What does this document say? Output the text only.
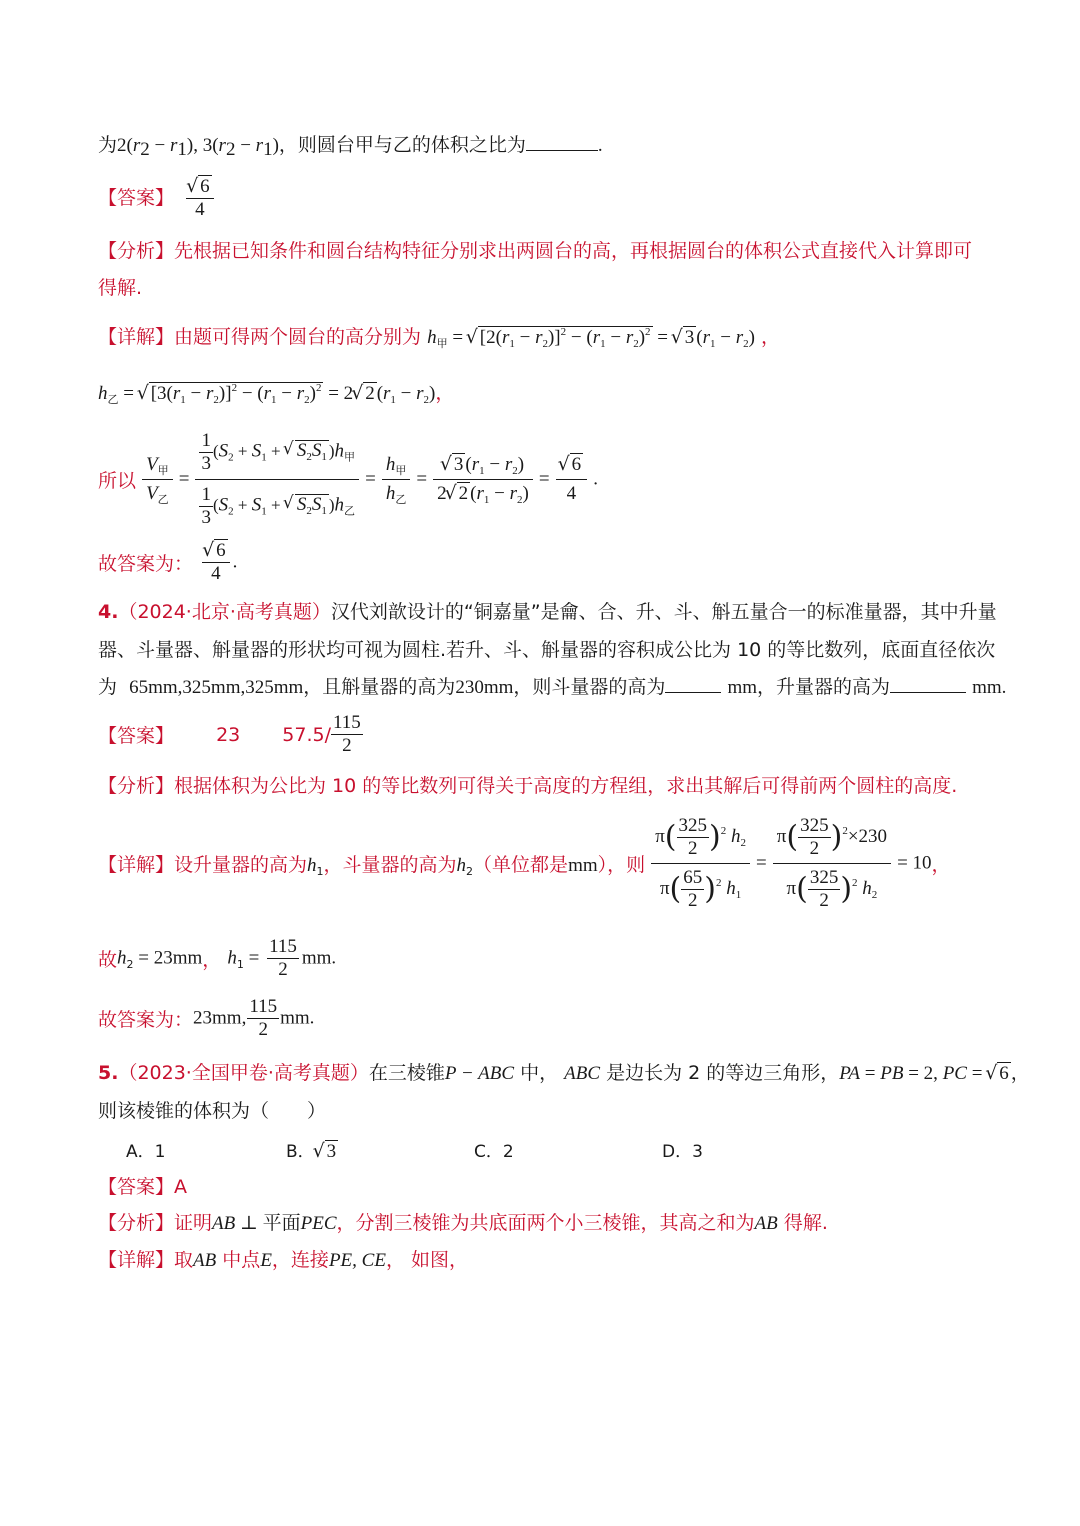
为$2(r_2 - r_1)$, $3(r_2 - r_1)$，则圆台甲与乙的体积之比为	.
【答案】
√ $\frac{6}{4}$
【分析】先根据已知条件和圆台结构特征分别求出两圆台的高，再根据圆台的体积公式直接代入计算即可
得解.
【详解】由题可得两个圆台的高分别为 $h_甲$ = √ $[2(r_1 - r_2)]^2 - (r_1 - r_2)^2$ = √ 3 $(r_1 - r_2)$ ，
$h_乙$ = √ $[3(r_1 - r_2)]^2 - (r_1 - r_2)^2 = 2√$ 2 $(r_1 - r_2)$，
所以 $\frac{V_甲}{V_乙} = \frac{\frac{1}{3} (S_2 + S_1 + √ S_2S_1 )h_甲}{\frac{1}{3} (S_2 + S_1 + √ S_2S_1 )h_乙} = \frac{h_甲}{h_乙}$ =
√ $\frac{3 (r_1 - r_2)}{2√ 2 (r_1 - r_2)}$ =
√ $\frac{6}{4}$ .
故答案为：
√ $\frac{6}{4}$ .
4.（2024·北京·高考真题）汉代刘歆设计的“铜嘉量”是龠、合、升、斗、斛五量合一的标准量器，其中升量
器、斗量器、斛量器的形状均可视为圆柱.若升、斗、斛量器的容积成公比为 10 的等比数列，底面直径依次
为 65mm,325mm,325mm，且斛量器的高为230mm，则斗量器的高为	mm，升量器的高为	mm.
【答案】 23 $57.5/ \frac{115}{2}$
【分析】根据体积为公比为 10 的等比数列可得关于高度的方程组，求出其解后可得前两个圆柱的高度.
【详解】设升量器的高为$h_1$，斗量器的高为$h_2$（单位都是mm），则 $\frac{\pi( \frac{325}{2} )^2 h_2}{\pi( \frac{65}{2} )^2 h_1} = \frac{\pi( \frac{325}{2} )^2\times 230}{\pi( \frac{325}{2} )^2 h_2} = 10$，
故$h_2 = 23mm$， $h_1 = \frac{115}{2}$ mm.
故答案为：23mm, $\frac{115}{2}$ mm.
5.（2023·全国甲卷·高考真题）在三棱锥P − ABC 中， ABC 是边长为 2 的等边三角形，PA = PB = 2, PC = √ 6 ，
则该棱锥的体积为（　　）
A．1	B．√ 3	C．2	D．3
【答案】A
【分析】证明AB ⊥ 平面PEC，分割三棱锥为共底面两个小三棱锥，其高之和为AB 得解.
【详解】取AB 中点E，连接PE, CE， 如图，
